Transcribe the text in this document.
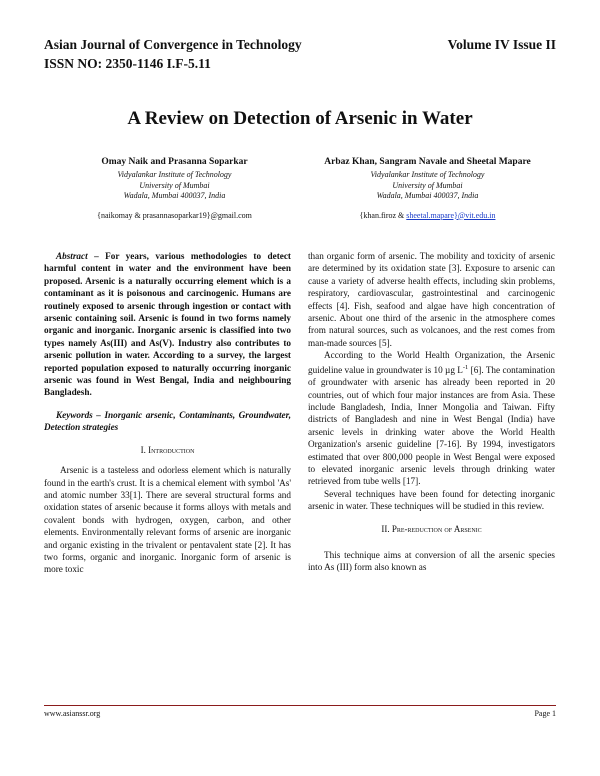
Asian Journal of Convergence in Technology	Volume IV Issue II
ISSN NO: 2350-1146 I.F-5.11
A Review on Detection of Arsenic in Water
Omay Naik and Prasanna Soparkar
Vidyalankar Institute of Technology
University of Mumbai
Wadala, Mumbai 400037, India
{naikomay & prasannasoparkar19}@gmail.com
Arbaz Khan, Sangram Navale and Sheetal Mapare
Vidyalankar Institute of Technology
University of Mumbai
Wadala, Mumbai 400037, India
{khan.firoz & sheetal.mapare}@vit.edu.in

Abstract – For years, various methodologies to detect harmful content in water and the environment have been proposed. Arsenic is a naturally occurring element which is a contaminant as it is poisonous and carcinogenic. Humans are routinely exposed to arsenic through ingestion or contact with arsenic containing soil. Arsenic is found in two forms namely organic and inorganic. Inorganic arsenic is classified into two types namely As(III) and As(V). Industry also contributes to arsenic pollution in water. According to a survey, the largest reported population exposed to naturally occurring inorganic arsenic was found in West Bengal, India and neighbouring Bangladesh.

Keywords – Inorganic arsenic, Contaminants, Groundwater, Detection strategies

I. Introduction

Arsenic is a tasteless and odorless element which is naturally found in the earth's crust. It is a chemical element with symbol 'As' and atomic number 33[1]. There are several structural forms and oxidation states of arsenic because it forms alloys with metals and covalent bonds with hydrogen, oxygen, carbon, and other elements. Environmentally relevant forms of arsenic are inorganic and organic existing in the trivalent or pentavalent state [2]. It has two forms, organic and inorganic. Inorganic form of arsenic is more toxic

than organic form of arsenic. The mobility and toxicity of arsenic are determined by its oxidation state [3]. Exposure to arsenic can cause a variety of adverse health effects, including skin problems, respiratory, cardiovascular, gastrointestinal and carcinogenic effects [4]. Fish, seafood and algae have high concentration of arsenic. About one third of the arsenic in the atmosphere comes from natural sources, such as volcanoes, and the rest comes from man-made sources [5].

According to the World Health Organization, the Arsenic guideline value in groundwater is 10 µg $L^{-1}$ [6]. The contamination of groundwater with arsenic has already been reported in 20 countries, out of which four major instances are from Asia. These include Bangladesh, India, Inner Mongolia and Taiwan. Fifty districts of Bangladesh and nine in West Bengal (India) have arsenic levels in drinking water above the World Health Organization's arsenic guideline [7-16]. By 1994, investigators estimated that over 800,000 people in West Bengal were exposed to elevated inorganic arsenic levels through drinking water retrieved from tube wells [17].

Several techniques have been found for detecting inorganic arsenic in water. These techniques will be studied in this review.

II. Pre-reduction of Arsenic

This technique aims at conversion of all the arsenic species into As (III) form also known as

www.asianssr.org	Page 1
